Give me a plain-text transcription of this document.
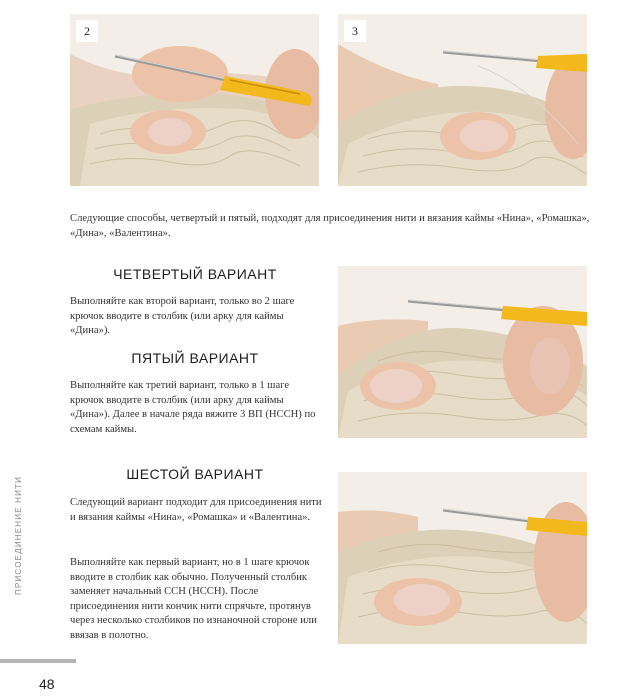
2	3

Следующие способы, четвертый и пятый, подходят для присоединения нити и вязания каймы «Нина», «Ромашка», «Дина», «Валентина».

ЧЕТВЕРТЫЙ ВАРИАНТ

Выполняйте как второй вариант, только во 2 шаге крючок вводите в столбик (или арку для каймы «Дина»).

ПЯТЫЙ ВАРИАНТ

Выполняйте как третий вариант, только в 1 шаге крючок вводите в столбик (или арку для каймы «Дина»). Далее в начале ряда вяжите 3 ВП (НССН) по схемам каймы.

ШЕСТОЙ ВАРИАНТ

Следующий вариант подходит для присоединения нити и вязания каймы «Нина», «Ромашка» и «Валентина».

Выполняйте как первый вариант, но в 1 шаге крючок вводите в столбик как обычно. Полученный столбик заменяет начальный ССН (НССН). После присоединения нити кончик нити спрячьте, протянув через несколько столбиков по изнаночной стороне или ввязав в полотно.

ПРИСОЕДИНЕНИЕ НИТИ
48
